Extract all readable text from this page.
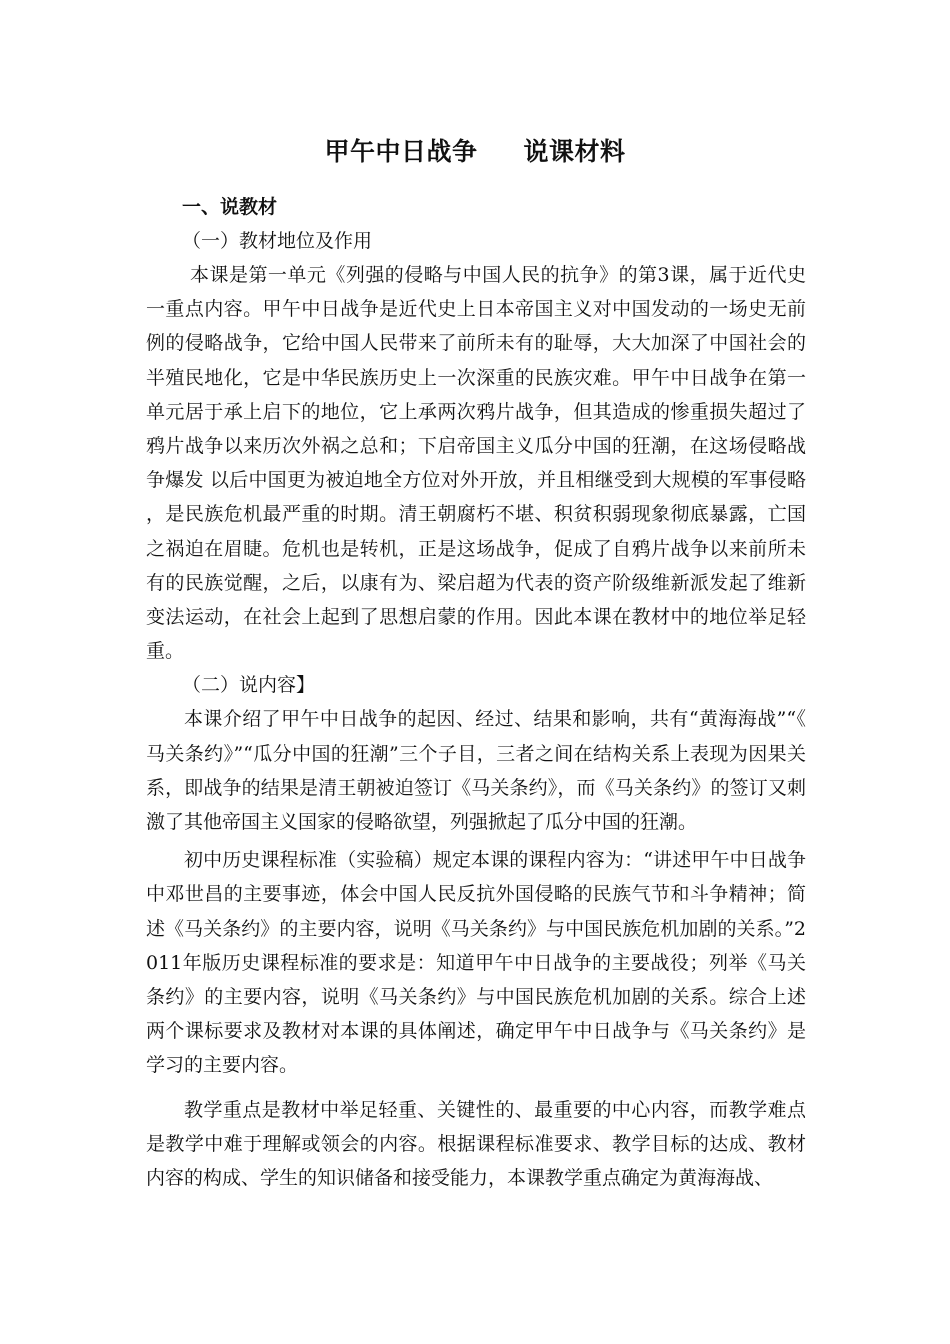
甲午中日战争 说课材料
一、说教材
（一）教材地位及作用

本课是第一单元《列强的侵略与中国人民的抗争》的第3课，属于近代史一重点内容。甲午中日战争是近代史上日本帝国主义对中国发动的一场史无前例的侵略战争，它给中国人民带来了前所未有的耻辱，大大加深了中国社会的半殖民地化，它是中华民族历史上一次深重的民族灾难。甲午中日战争在第一单元居于承上启下的地位，它上承两次鸦片战争，但其造成的惨重损失超过了鸦片战争以来历次外祸之总和；下启帝国主义瓜分中国的狂潮，在这场侵略战争爆发 以后中国更为被迫地全方位对外开放，并且相继受到大规模的军事侵略，是民族危机最严重的时期。清王朝腐朽不堪、积贫积弱现象彻底暴露，亡国之祸迫在眉睫。危机也是转机，正是这场战争，促成了自鸦片战争以来前所未有的民族觉醒，之后，以康有为、梁启超为代表的资产阶级维新派发起了维新变法运动，在社会上起到了思想启蒙的作用。因此本课在教材中的地位举足轻重。

（二）说内容】

本课介绍了甲午中日战争的起因、经过、结果和影响，共有“黄海海战”“《马关条约》”“瓜分中国的狂潮”三个子目，三者之间在结构关系上表现为因果关系，即战争的结果是清王朝被迫签订《马关条约》，而《马关条约》的签订又刺激了其他帝国主义国家的侵略欲望，列强掀起了瓜分中国的狂潮。

初中历史课程标准（实验稿）规定本课的课程内容为：“讲述甲午中日战争中邓世昌的主要事迹，体会中国人民反抗外国侵略的民族气节和斗争精神；简述《马关条约》的主要内容，说明《马关条约》与中国民族危机加剧的关系。”2011年版历史课程标准的要求是：知道甲午中日战争的主要战役；列举《马关条约》的主要内容，说明《马关条约》与中国民族危机加剧的关系。综合上述两个课标要求及教材对本课的具体阐述，确定甲午中日战争与《马关条约》是学习的主要内容。

教学重点是教材中举足轻重、关键性的、最重要的中心内容，而教学难点是教学中难于理解或领会的内容。根据课程标准要求、教学目标的达成、教材内容的构成、学生的知识储备和接受能力，本课教学重点确定为黄海海战、
